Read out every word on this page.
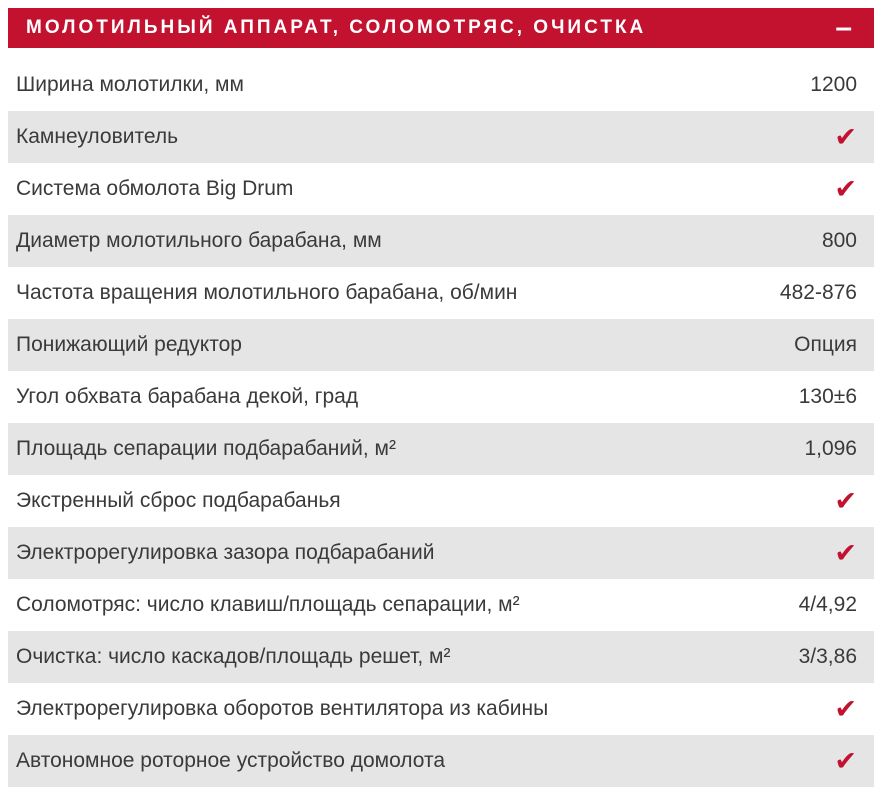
МОЛОТИЛЬНЫЙ АППАРАТ, СОЛОМОТРЯС, ОЧИСТКА	–
Ширина молотилки, мм	1200
Камнеуловитель	✔
Система обмолота Big Drum	✔
Диаметр молотильного барабана, мм	800
Частота вращения молотильного барабана, об/мин	482-876
Понижающий редуктор	Опция
Угол обхвата барабана декой, град	130±6
Площадь сепарации подбарабаний, м²	1,096
Экстренный сброс подбарабанья	✔
Электрорегулировка зазора подбарабаний	✔
Соломотряс: число клавиш/площадь сепарации, м²	4/4,92
Очистка: число каскадов/площадь решет, м²	3/3,86
Электрорегулировка оборотов вентилятора из кабины	✔
Автономное роторное устройство домолота	✔
